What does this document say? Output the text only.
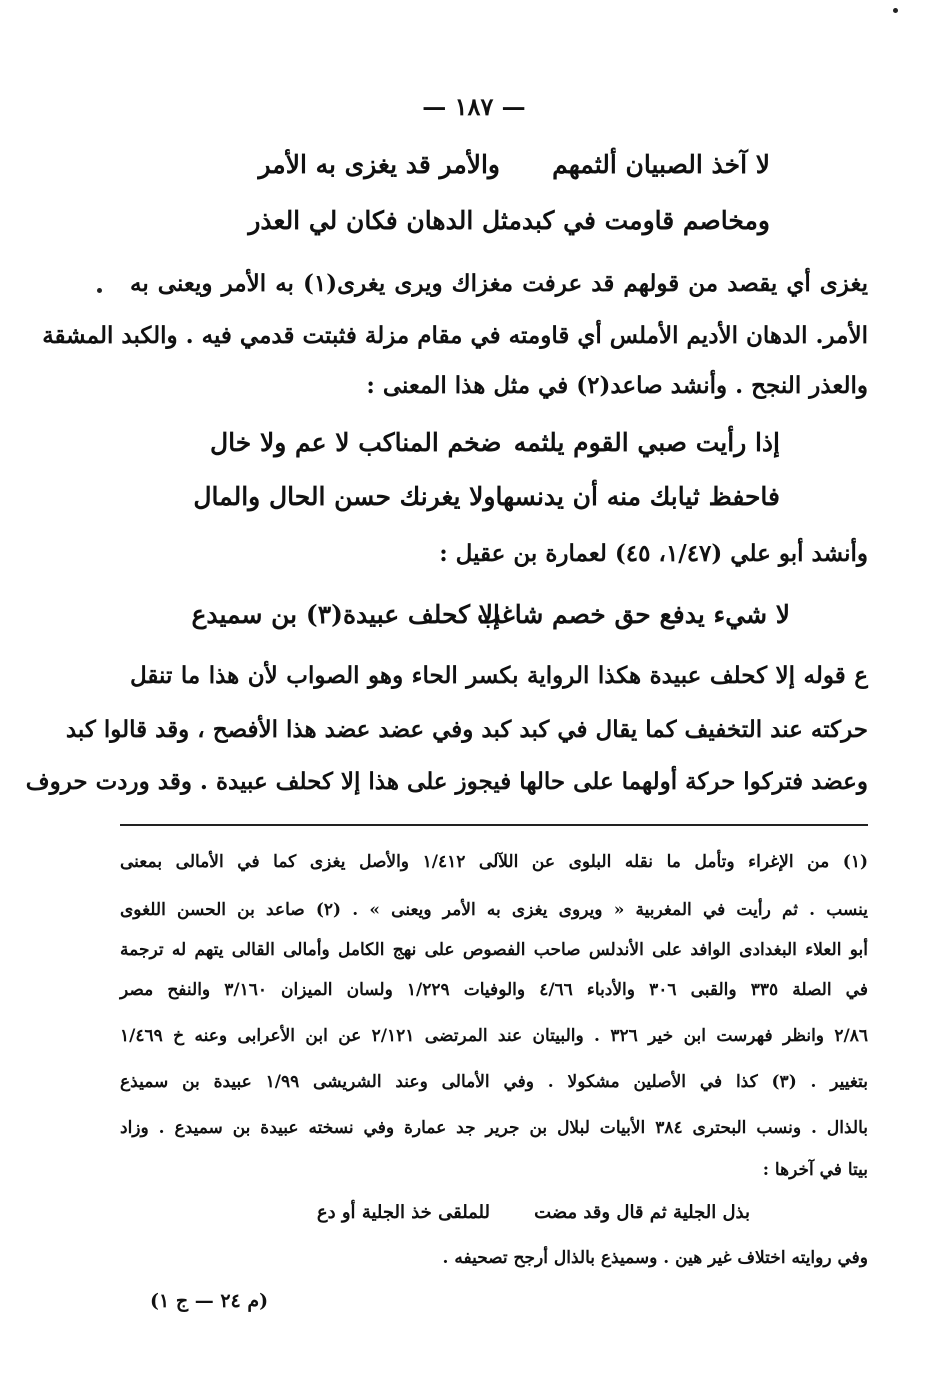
— ١٨٧ —
لا آخذ الصبيان ألثمهم
والأمر قد يغزى به الأمر
ومخاصم قاومت في كبد
مثل الدهان فكان لي العذر
يغزى أي يقصد من قولهم قد عرفت مغزاك ويرى يغرى(١) به الأمر ويعنى به
الأمر. الدهان الأديم الأملس أي قاومته في مقام مزلة فثبتت قدمي فيه . والكبد المشقة
والعذر النجح . وأنشد صاعد(٢) في مثل هذا المعنى :
إذا رأيت صبي القوم يلثمه
ضخم المناكب لا عم ولا خال
فاحفظ ثيابك منه أن يدنسها
ولا يغرنك حسن الحال والمال
وأنشد أبو علي (١/٤٧، ٤٥) لعمارة بن عقيل :
لا شيء يدفع حق خصم شاغب
إلا كحلف عبيدة(٣) بن سميدع
ع قوله إلا كحلف عبيدة هكذا الرواية بكسر الحاء وهو الصواب لأن هذا ما تنقل
حركته عند التخفيف كما يقال في كبد كبد وفي عضد عضد هذا الأفصح ، وقد قالوا كبد
وعضد فتركوا حركة أولهما على حالها فيجوز على هذا إلا كحلف عبيدة . وقد وردت حروف
(١) من الإغراء وتأمل ما نقله البلوى عن اللآلى ١/٤١٢ والأصل يغزى كما في الأمالى بمعنى
ينسب . ثم رأيت في المغربية « ويروى يغزى به الأمر ويعنى » . (٢) صاعد بن الحسن اللغوى
أبو العلاء البغدادى الوافد على الأندلس صاحب الفصوص على نهج الكامل وأمالى القالى يتهم له ترجمة
في الصلة ٣٣٥ والقبى ٣٠٦ والأدباء ٤/٦٦ والوفيات ١/٢٢٩ ولسان الميزان ٣/١٦٠ والنفح مصر
٢/٨٦ وانظر فهرست ابن خير ٣٢٦ . والبيتان عند المرتضى ٢/١٢١ عن ابن الأعرابى وعنه خ ١/٤٦٩
بتغيير . (٣) كذا في الأصلين مشكولا . وفي الأمالى وعند الشريشى ١/٩٩ عبيدة بن سميذع
بالذال . ونسب البحترى ٣٨٤ الأبيات لبلال بن جرير جد عمارة وفي نسخته عبيدة بن سميدع . وزاد
بيتا في آخرها :
بذل الجلية ثم قال وقد مضت
للملقى خذ الجلية أو دع
وفي روايته اختلاف غير هين . وسميذع بالذال أرجح تصحيفه .
(م ٢٤ — ج ١)
